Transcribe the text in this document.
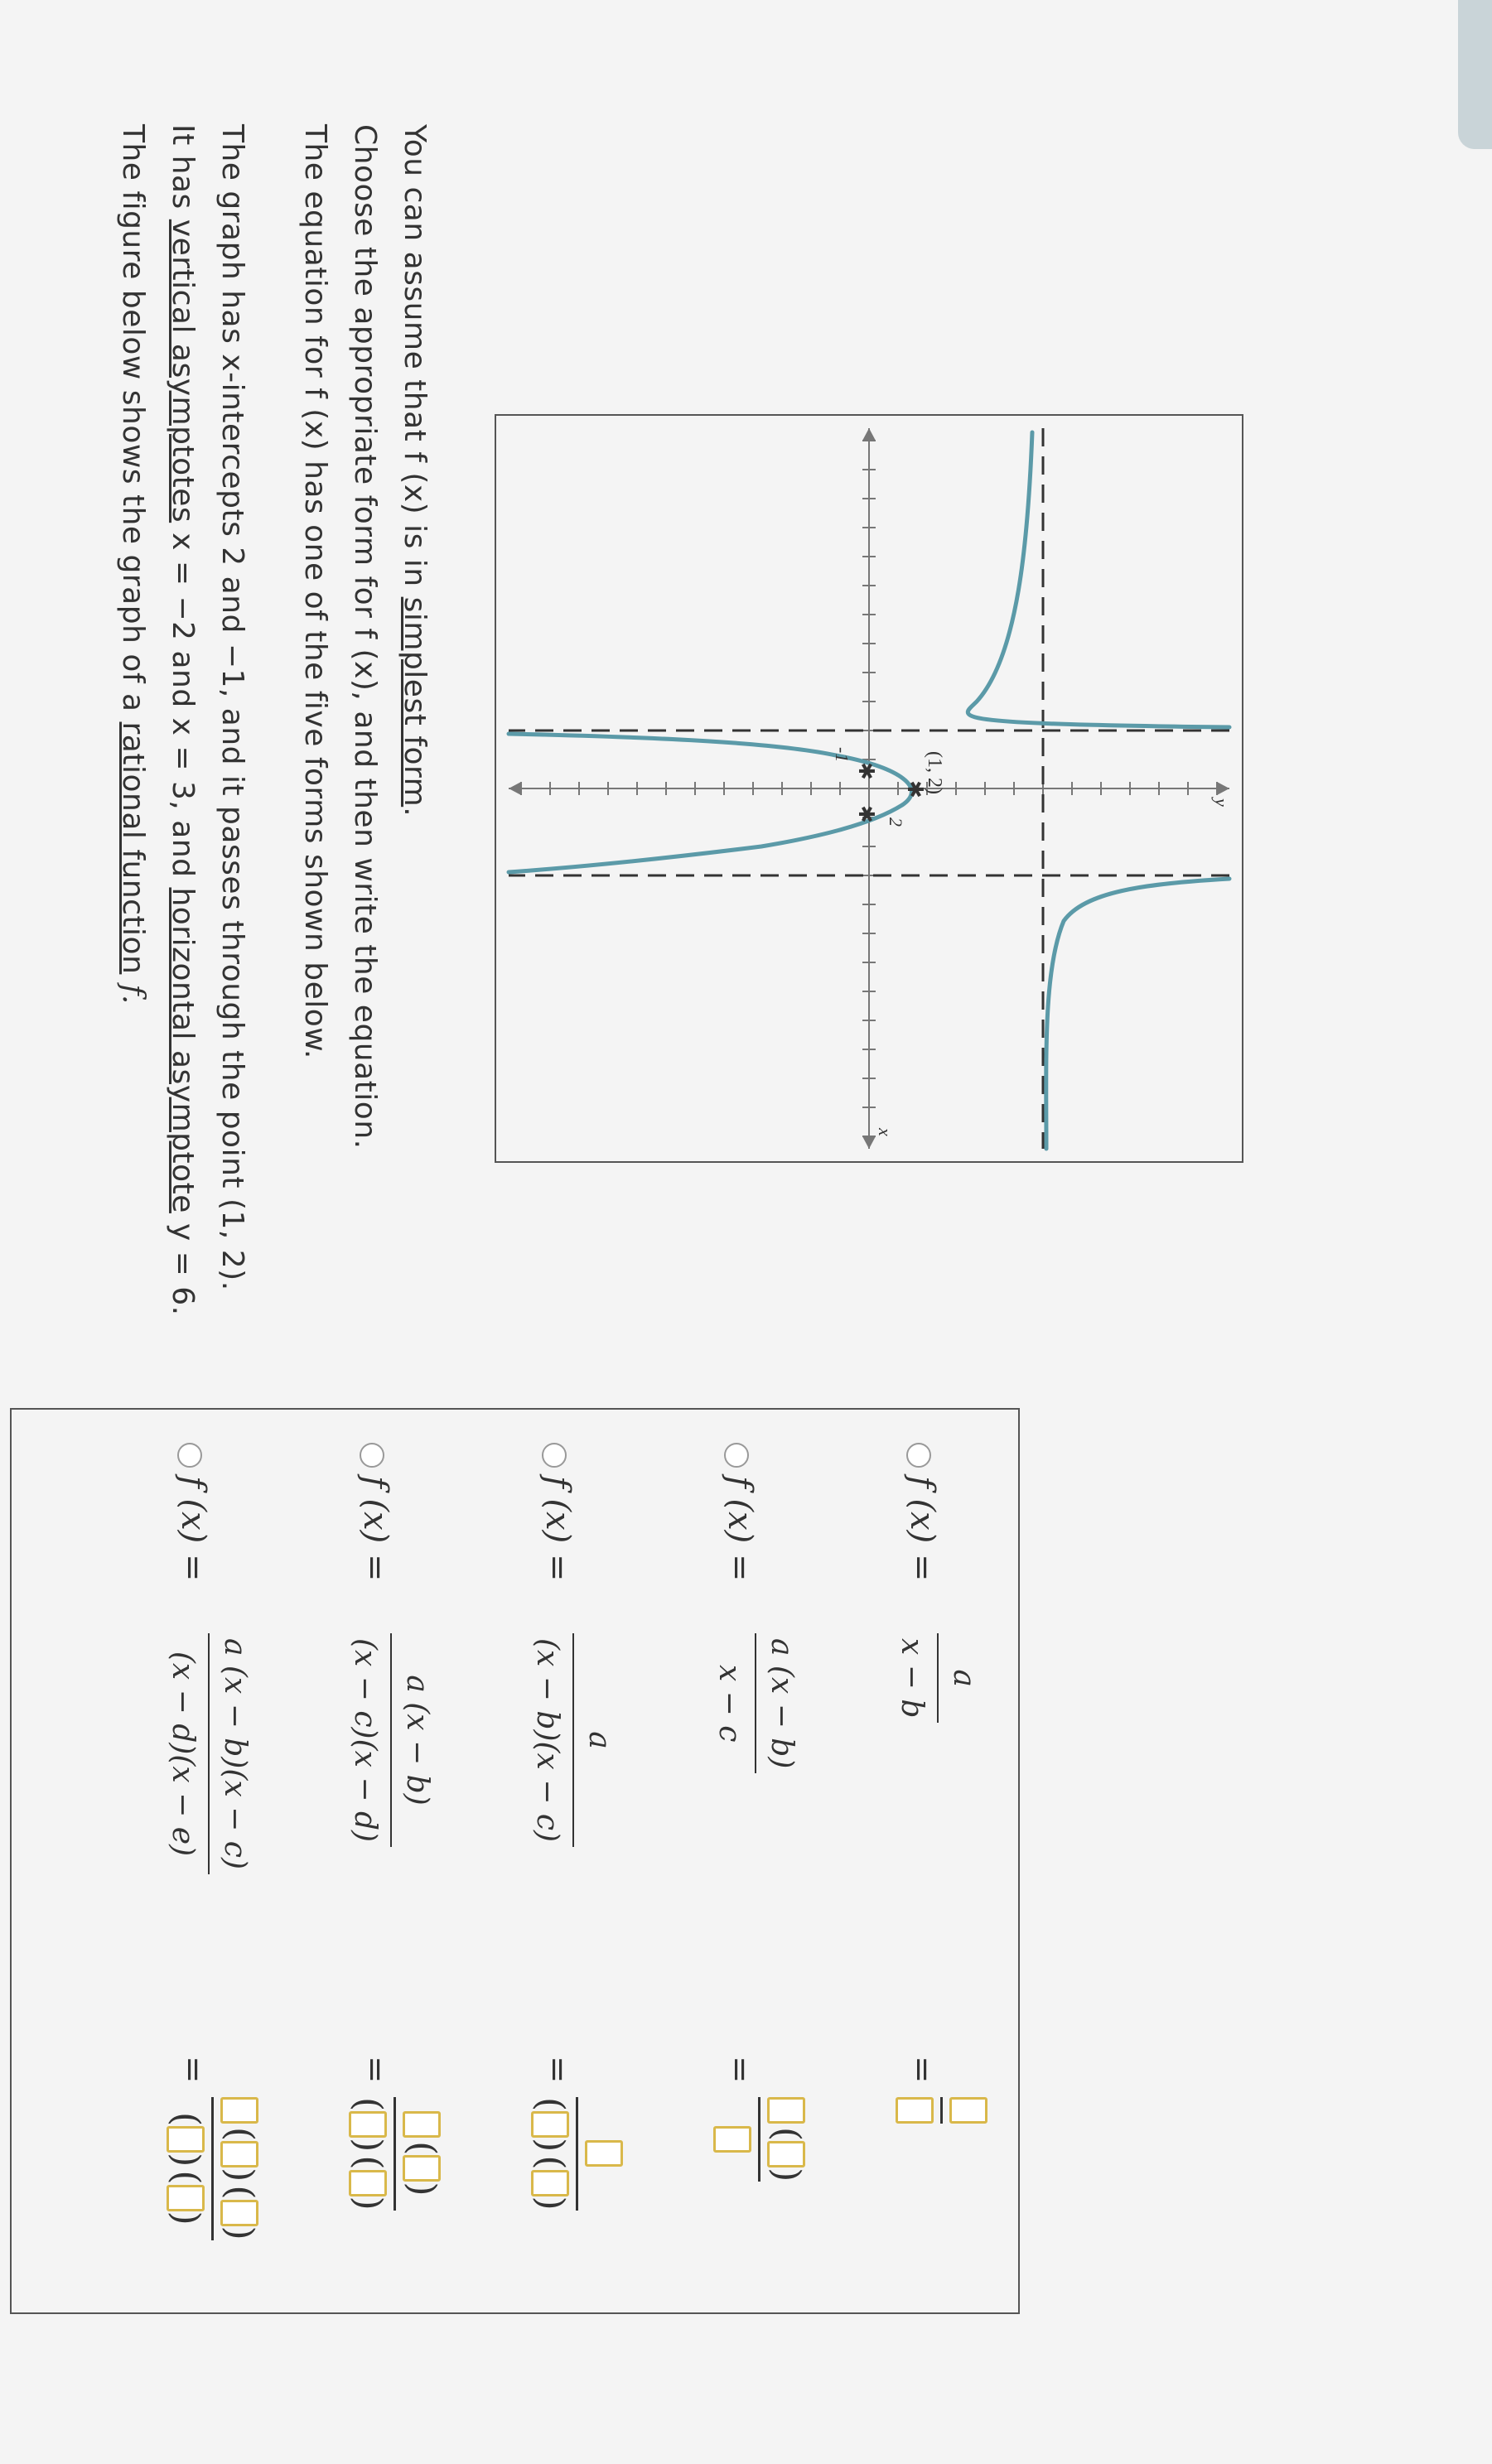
The figure below shows the graph of a rational function f.
It has vertical asymptotes x = −2 and x = 3, and horizontal asymptote y = 6. The graph has x-intercepts 2 and −1, and it passes through the point (1, 2). The equation for f (x) has one of the five forms shown below. Choose the appropriate form for f (x), and then write the equation. You can assume that f (x) is in simplest form.
✱
✱
✱
(1, 2)
-1
2
x
y
f (x) =
a
x − b
=
f (x) =
a (x − b)
x − c
=
(
)
f (x) =
a
(x − b)(x − c)
=
(
)
(
)
f (x) =
a (x − b)
(x − c)(x − d)
=
(
)
(
)
(
)
f (x) =
a (x − b)(x − c)
(x − d)(x − e)
=
(
)
(
)
(
)
(
)
